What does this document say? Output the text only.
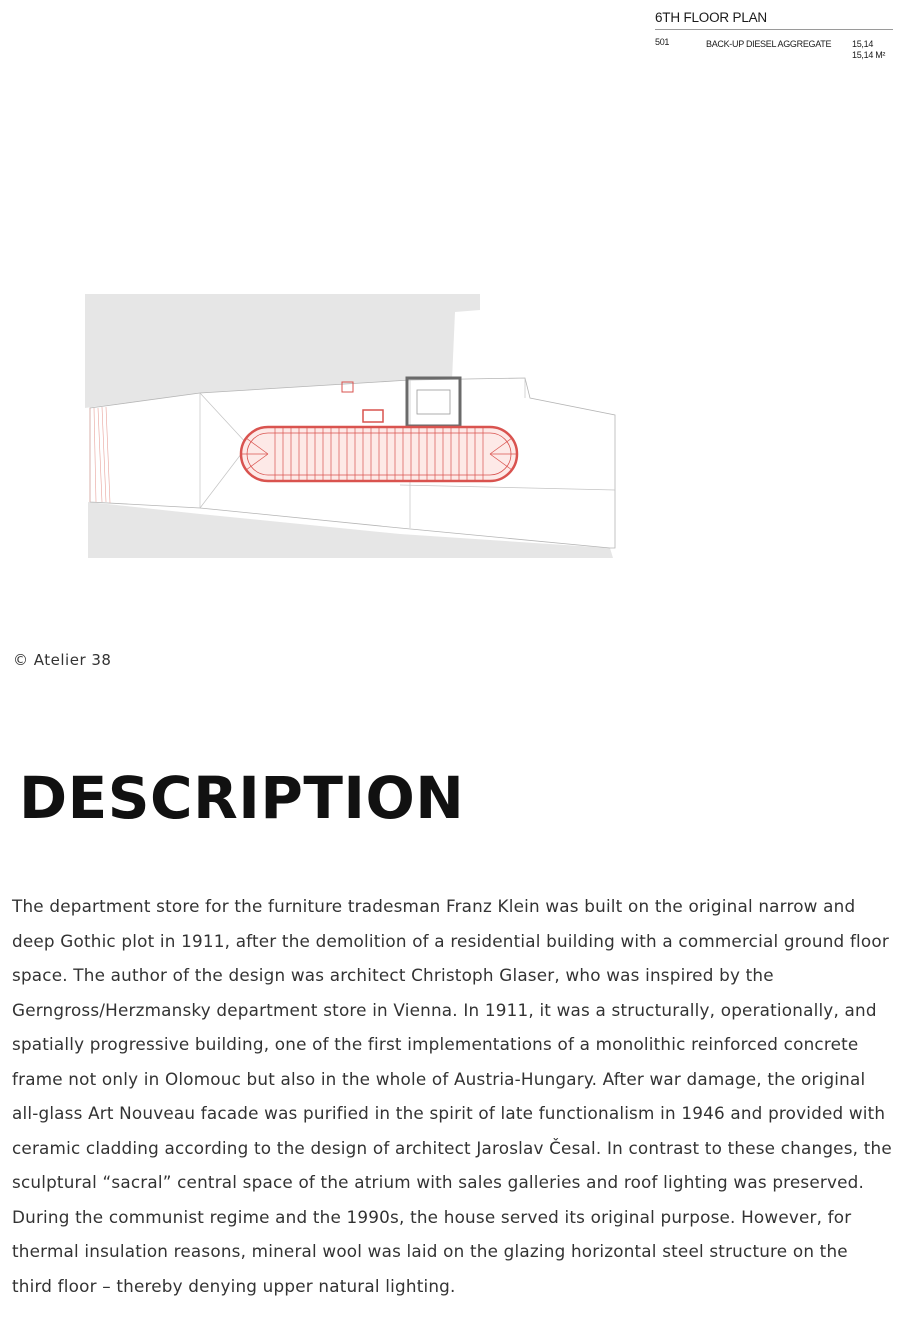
6TH FLOOR PLAN
501	BACK-UP DIESEL AGGREGATE 15,14
15,14 M²
© Atelier 38
DESCRIPTION

The department store for the furniture tradesman Franz Klein was built on the original narrow and deep Gothic plot in 1911, after the demolition of a residential building with a commercial ground floor space. The author of the design was architect Christoph Glaser, who was inspired by the Gerngross/Herzmansky department store in Vienna. In 1911, it was a structurally, operationally, and spatially progressive building, one of the first implementations of a monolithic reinforced concrete frame not only in Olomouc but also in the whole of Austria-Hungary. After war damage, the original all-glass Art Nouveau facade was purified in the spirit of late functionalism in 1946 and provided with ceramic cladding according to the design of architect Jaroslav Česal. In contrast to these changes, the sculptural “sacral” central space of the atrium with sales galleries and roof lighting was preserved. During the communist regime and the 1990s, the house served its original purpose. However, for thermal insulation reasons, mineral wool was laid on the glazing horizontal steel structure on the third floor – thereby denying upper natural lighting.
